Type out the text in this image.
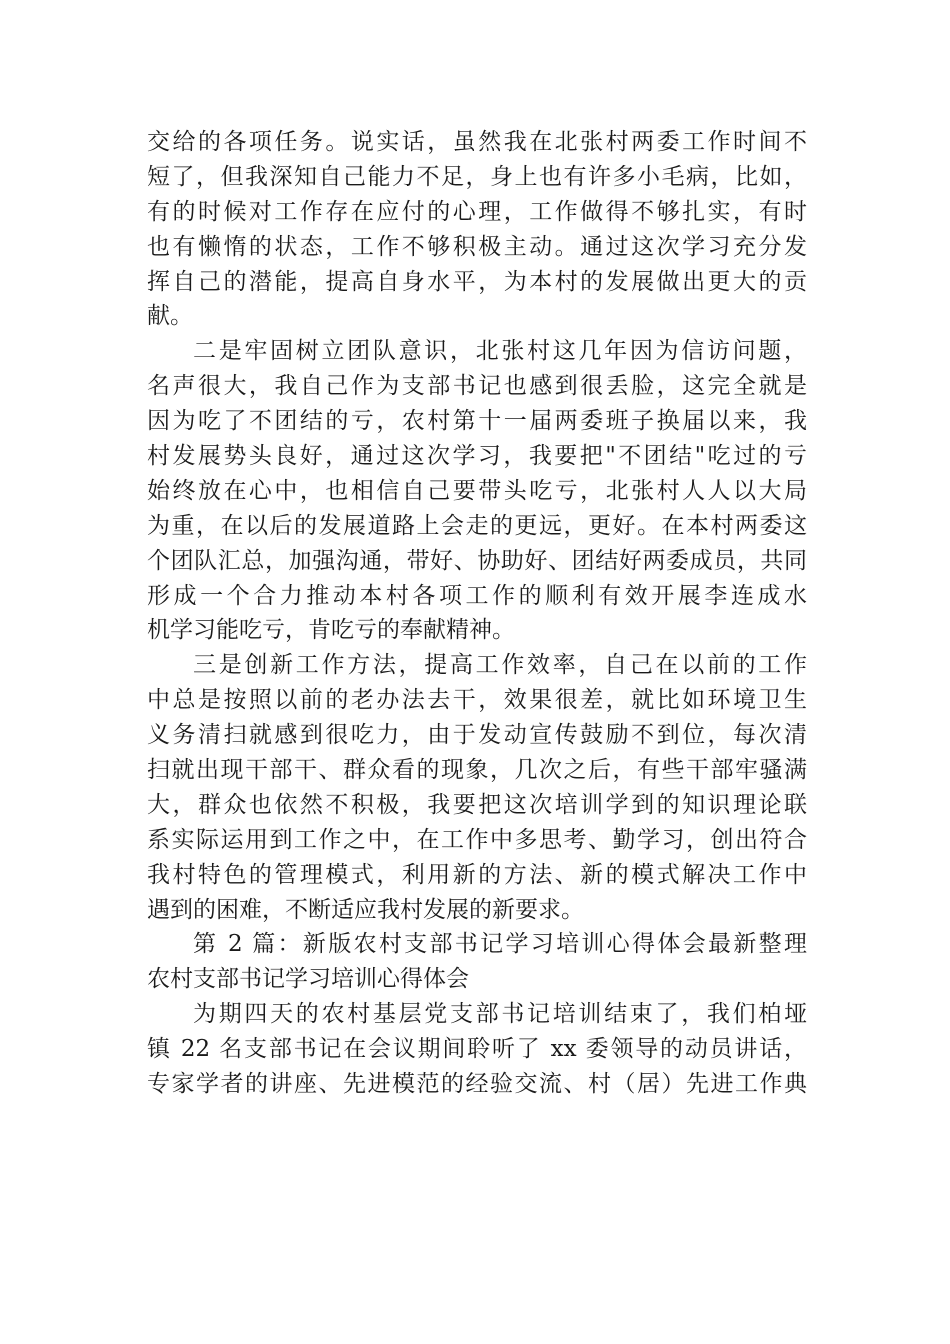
交给的各项任务。说实话，虽然我在北张村两委工作时间不
短了，但我深知自己能力不足，身上也有许多小毛病，比如，
有的时候对工作存在应付的心理，工作做得不够扎实，有时
也有懒惰的状态，工作不够积极主动。通过这次学习充分发
挥自己的潜能，提高自身水平，为本村的发展做出更大的贡
献。
二是牢固树立团队意识，北张村这几年因为信访问题，
名声很大，我自己作为支部书记也感到很丢脸，这完全就是
因为吃了不团结的亏，农村第十一届两委班子换届以来，我
村发展势头良好，通过这次学习，我要把"不团结"吃过的亏
始终放在心中，也相信自己要带头吃亏，北张村人人以大局
为重，在以后的发展道路上会走的更远，更好。在本村两委这
个团队汇总，加强沟通，带好、协助好、团结好两委成员，共同
形成一个合力推动本村各项工作的顺利有效开展李连成水
机学习能吃亏，肯吃亏的奉献精神。
三是创新工作方法，提高工作效率，自己在以前的工作
中总是按照以前的老办法去干，效果很差，就比如环境卫生
义务清扫就感到很吃力，由于发动宣传鼓励不到位，每次清
扫就出现干部干、群众看的现象，几次之后，有些干部牢骚满
大，群众也依然不积极，我要把这次培训学到的知识理论联
系实际运用到工作之中，在工作中多思考、勤学习，创出符合
我村特色的管理模式，利用新的方法、新的模式解决工作中
遇到的困难，不断适应我村发展的新要求。
第 2 篇：新版农村支部书记学习培训心得体会最新整理
农村支部书记学习培训心得体会
为期四天的农村基层党支部书记培训结束了，我们柏垭
镇 22 名支部书记在会议期间聆听了 xx 委领导的动员讲话，
专家学者的讲座、先进模范的经验交流、村（居）先进工作典
